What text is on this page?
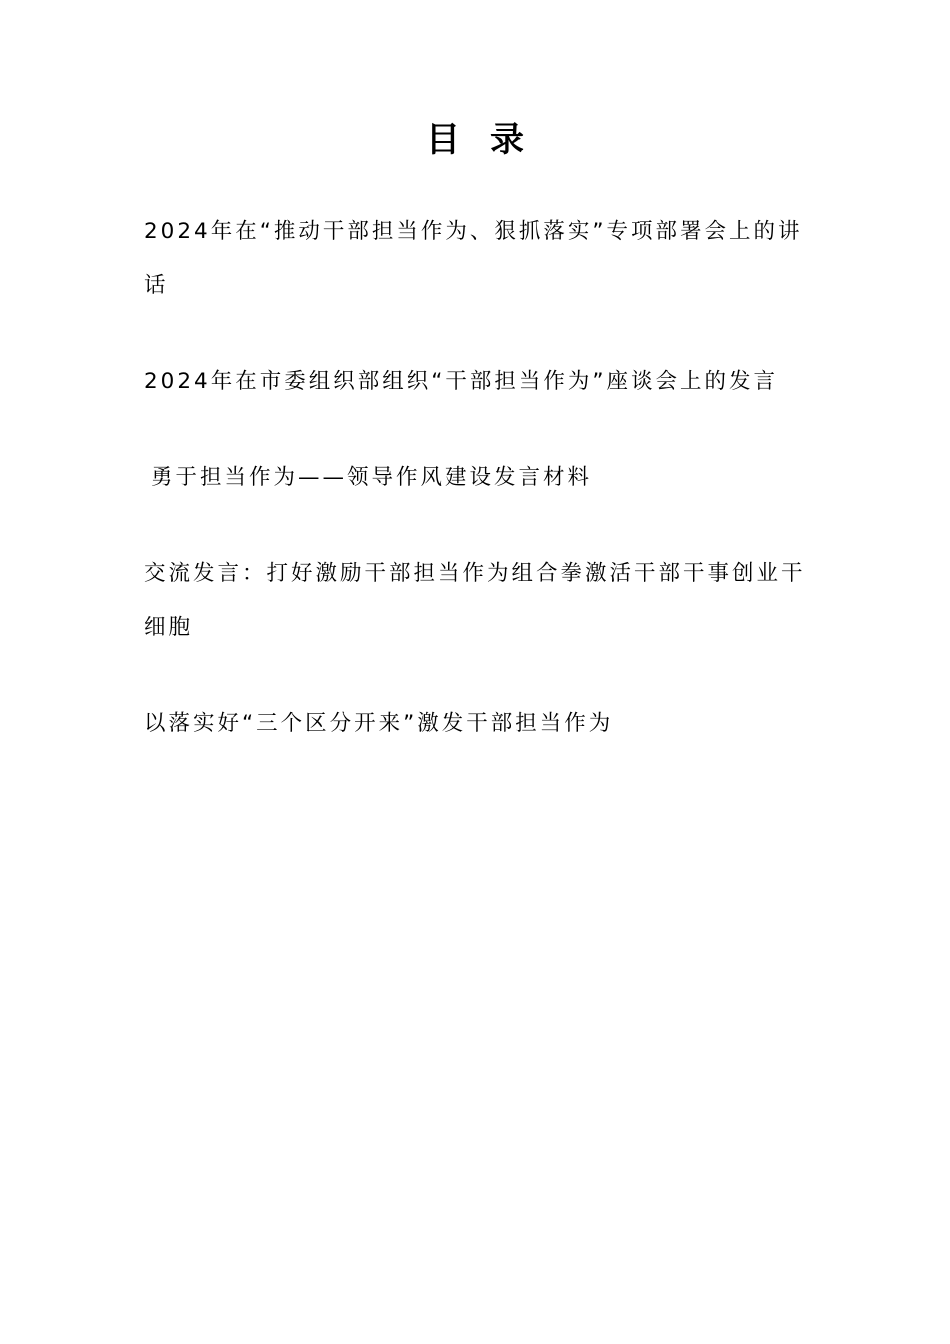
目录
2024年在“推动干部担当作为、狠抓落实”专项部署会上的讲话
2024年在市委组织部组织“干部担当作为”座谈会上的发言
勇于担当作为——领导作风建设发言材料
交流发言：打好激励干部担当作为组合拳激活干部干事创业干细胞
以落实好“三个区分开来”激发干部担当作为
